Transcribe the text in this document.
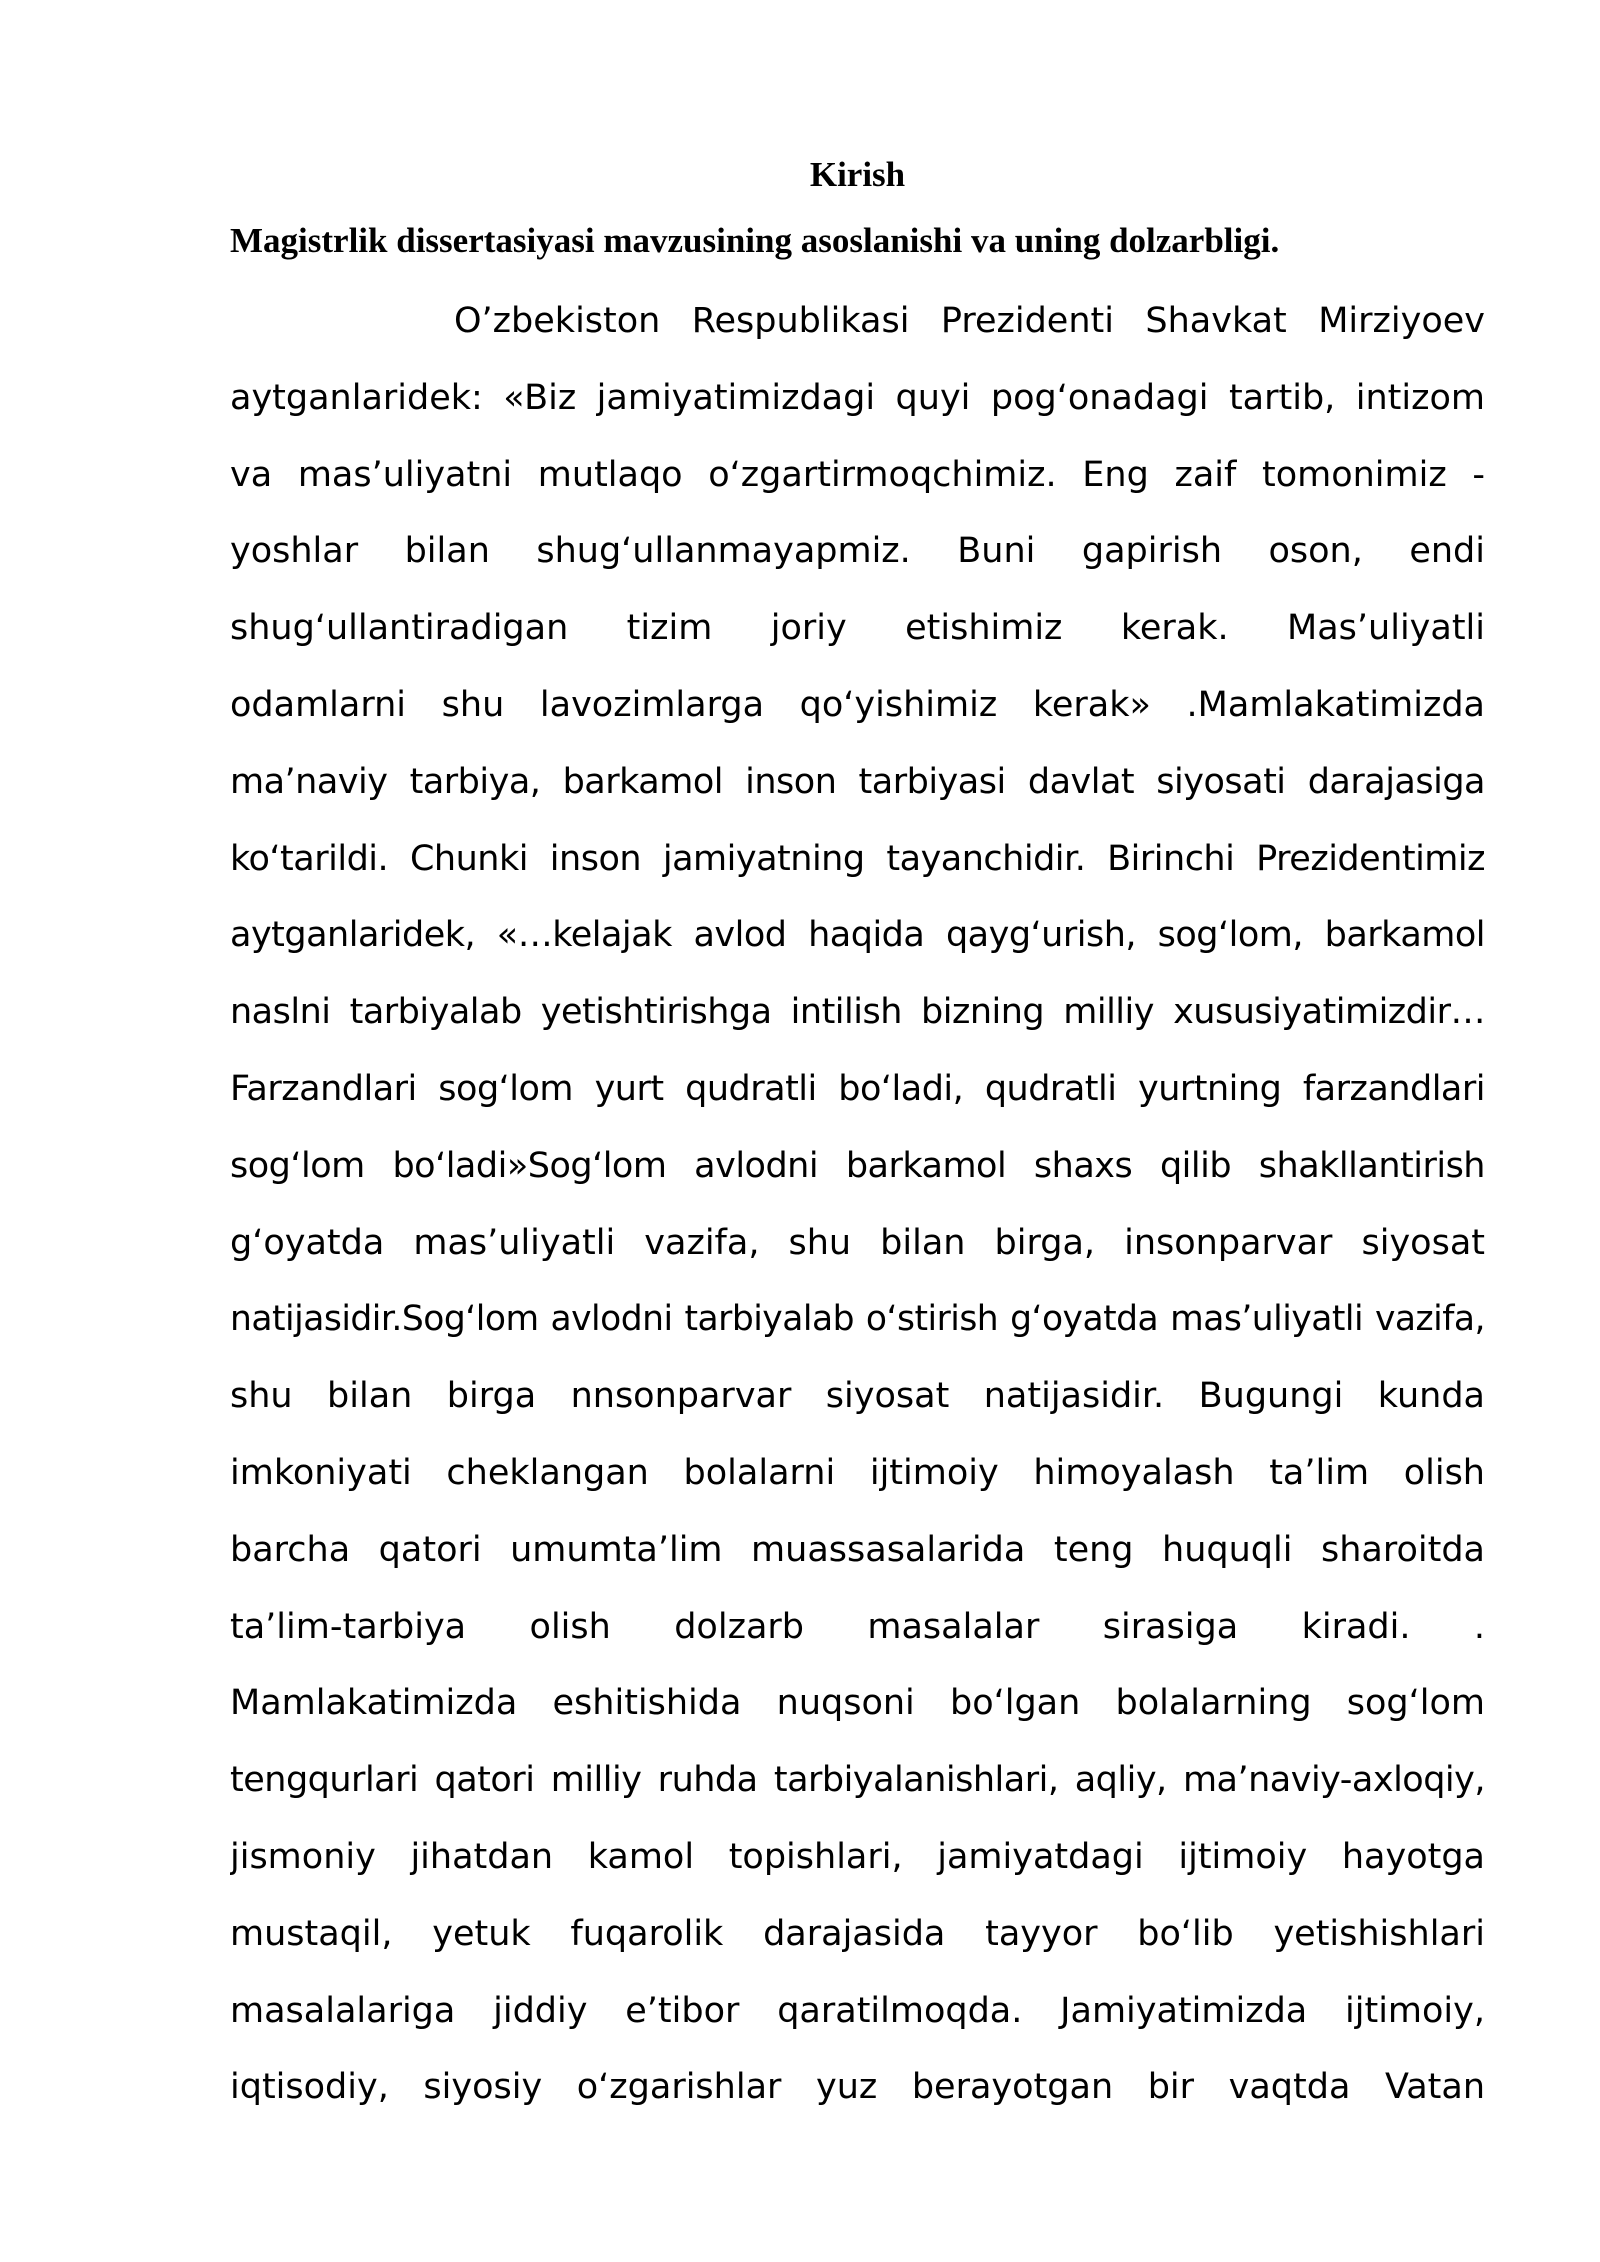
Kirish
Magistrlik dissertasiyasi mavzusining asoslanishi va uning dolzarbligi.
O’zbekiston Respublikasi Prezidenti Shavkat Mirziyoev
aytganlaridek: «Biz jamiyatimizdagi quyi pog‘onadagi tartib, intizom
va mas’uliyatni mutlaqo o‘zgartirmoqchimiz. Eng zaif tomonimiz -
yoshlar bilan shug‘ullanmayapmiz. Buni gapirish oson, endi
shug‘ullantiradigan tizim joriy etishimiz kerak. Mas’uliyatli
odamlarni shu lavozimlarga qo‘yishimiz kerak» .Mamlakatimizda
ma’naviy tarbiya, barkamol inson tarbiyasi davlat siyosati darajasiga
ko‘tarildi. Chunki inson jamiyatning tayanchidir. Birinchi Prezidentimiz
aytganlaridek, «…kelajak avlod haqida qayg‘urish, sog‘lom, barkamol
naslni tarbiyalab yetishtirishga intilish bizning milliy xususiyatimizdir…
Farzandlari sog‘lom yurt qudratli bo‘ladi, qudratli yurtning farzandlari
sog‘lom bo‘ladi»Sog‘lom avlodni barkamol shaxs qilib shakllantirish
g‘oyatda mas’uliyatli vazifa, shu bilan birga, insonparvar siyosat
natijasidir.Sog‘lom avlodni tarbiyalab o‘stirish g‘oyatda mas’uliyatli vazifa,
shu bilan birga nnsonparvar siyosat natijasidir. Bugungi kunda
imkoniyati cheklangan bolalarni ijtimoiy himoyalash ta’lim olish
barcha qatori umumta’lim muassasalarida teng huquqli sharoitda
ta’lim-tarbiya olish dolzarb masalalar sirasiga kiradi. .
Mamlakatimizda eshitishida nuqsoni bo‘lgan bolalarning sog‘lom
tengqurlari qatori milliy ruhda tarbiyalanishlari, aqliy, ma’naviy-axloqiy,
jismoniy jihatdan kamol topishlari, jamiyatdagi ijtimoiy hayotga
mustaqil, yetuk fuqarolik darajasida tayyor bo‘lib yetishishlari
masalalariga jiddiy e’tibor qaratilmoqda. Jamiyatimizda ijtimoiy,
iqtisodiy, siyosiy o‘zgarishlar yuz berayotgan bir vaqtda Vatan
